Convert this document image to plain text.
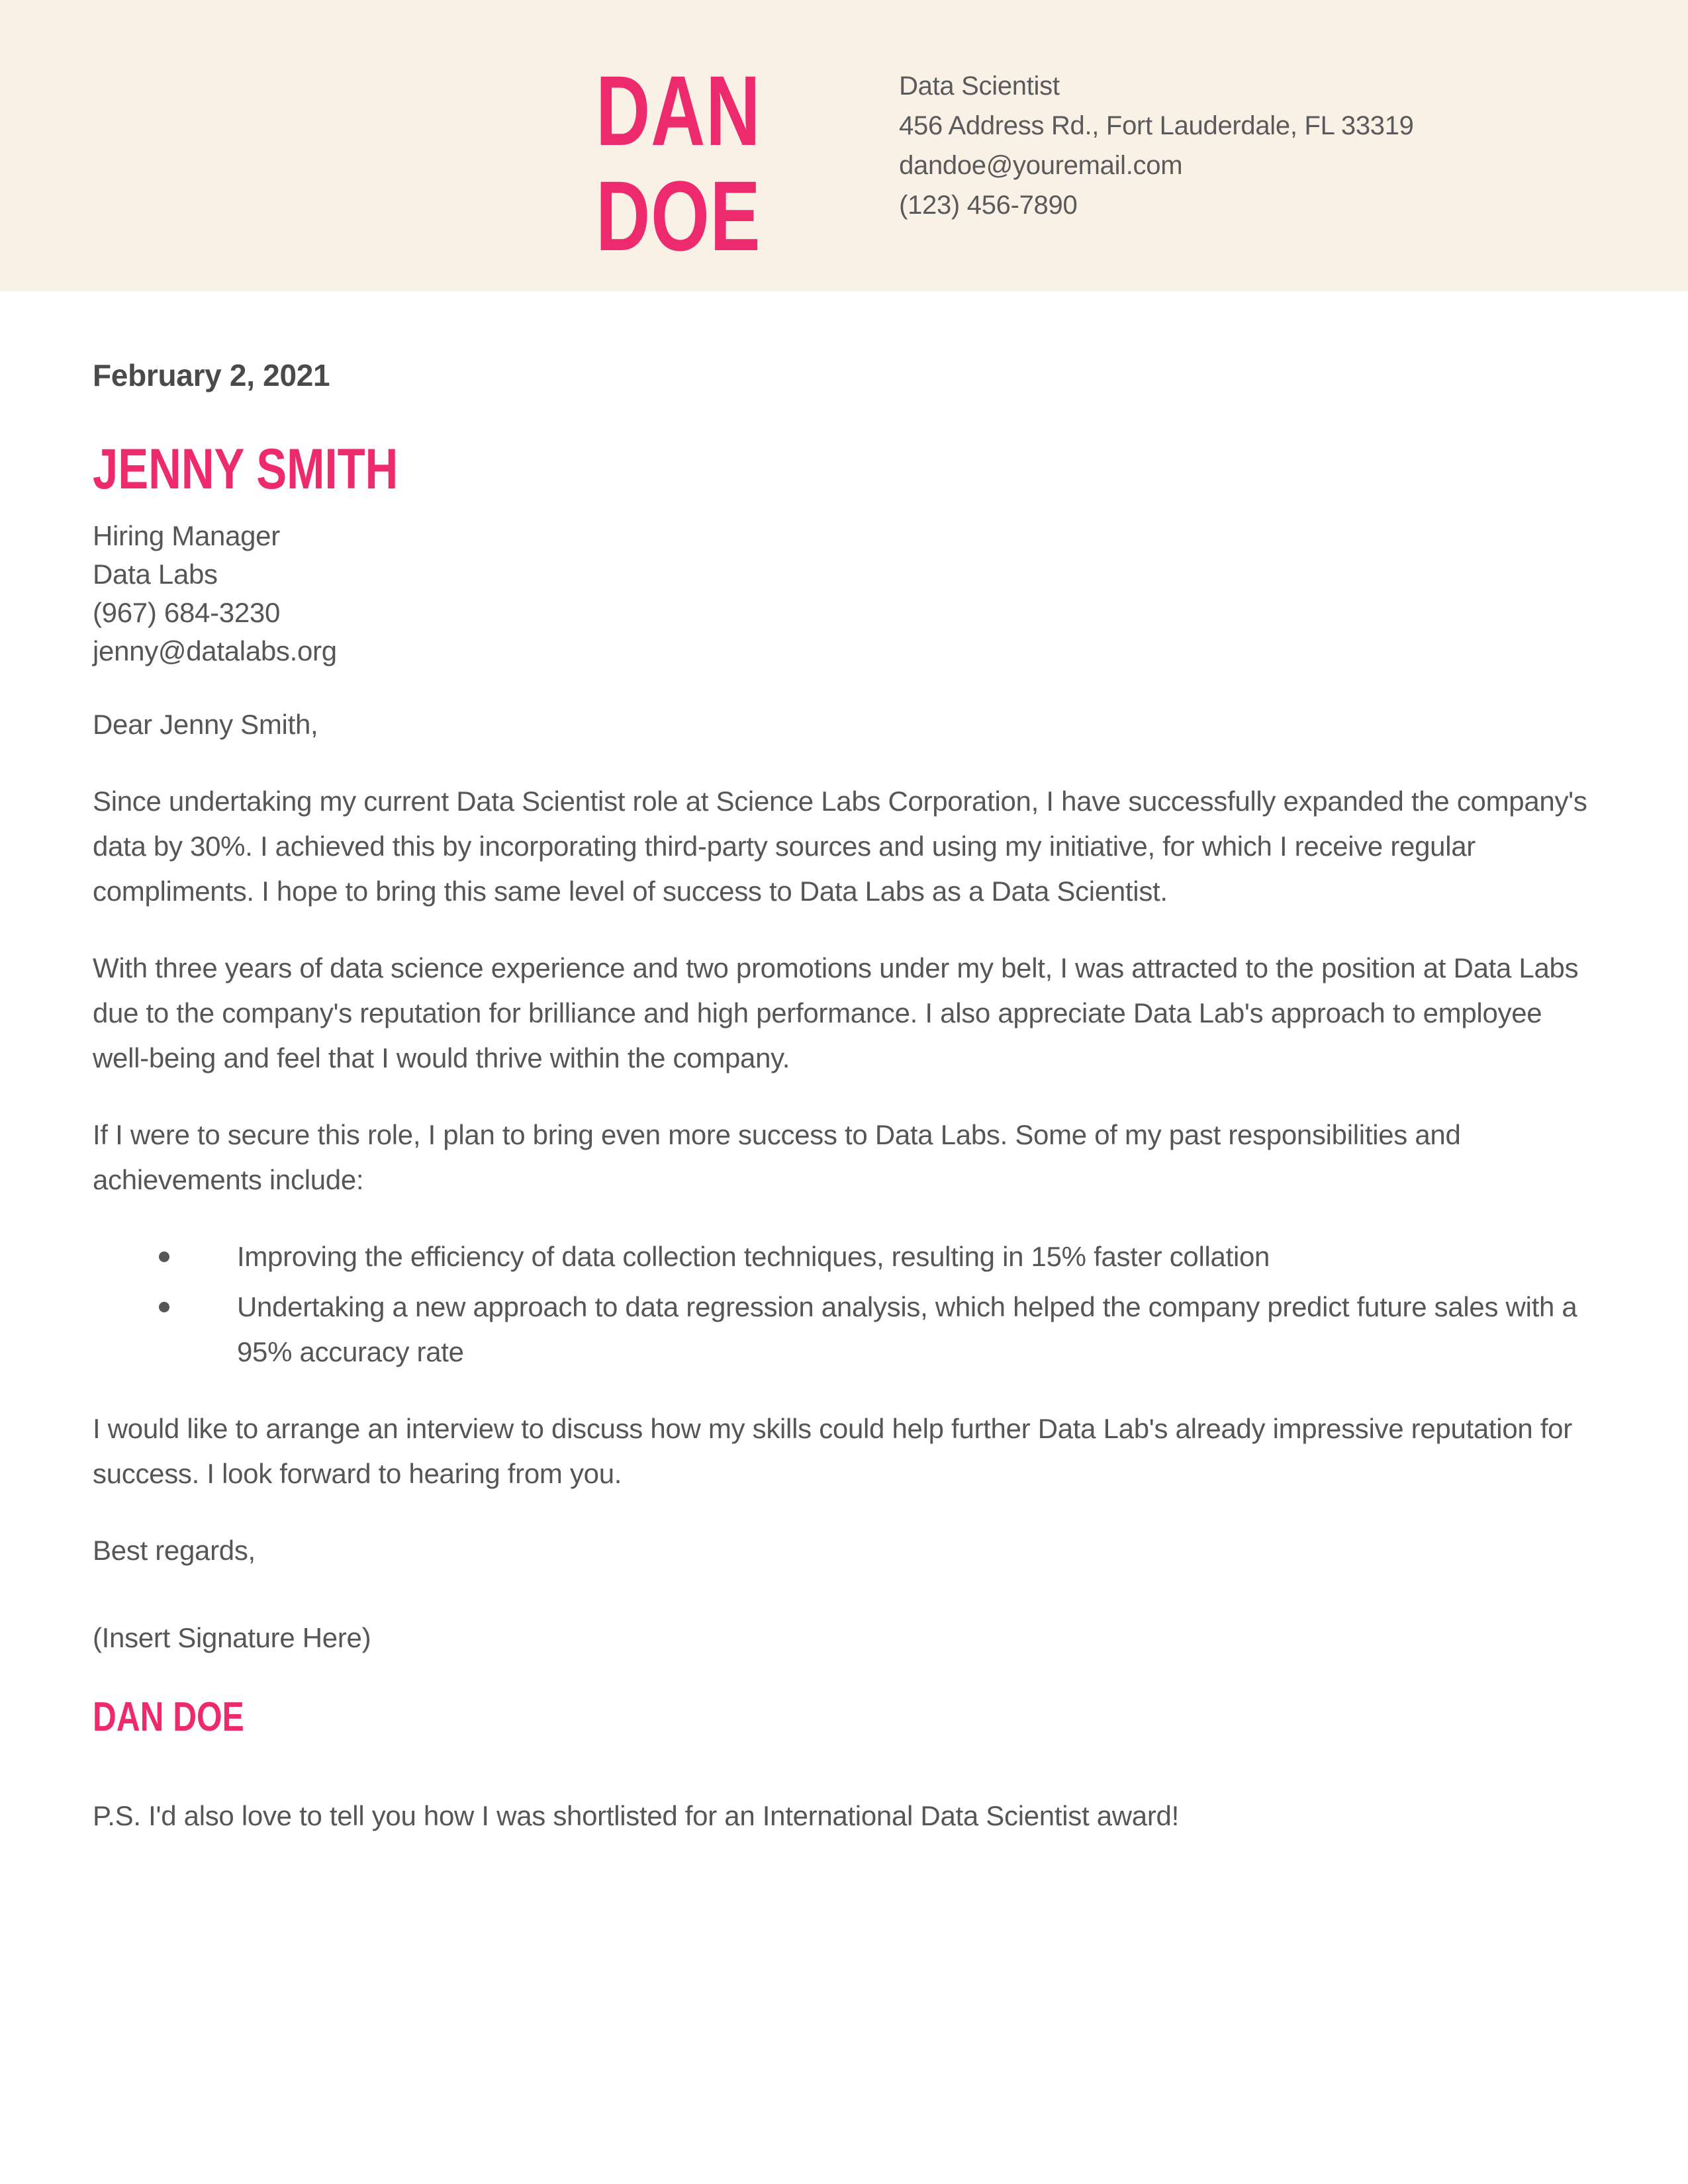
DAN
DOE
Data Scientist
456 Address Rd., Fort Lauderdale, FL 33319
dandoe@youremail.com
(123) 456-7890

February 2, 2021

JENNY SMITH
Hiring Manager
Data Labs
(967) 684-3230
jenny@datalabs.org

Dear Jenny Smith,

Since undertaking my current Data Scientist role at Science Labs Corporation, I have successfully expanded the company's data by 30%. I achieved this by incorporating third-party sources and using my initiative, for which I receive regular compliments. I hope to bring this same level of success to Data Labs as a Data Scientist.

With three years of data science experience and two promotions under my belt, I was attracted to the position at Data Labs due to the company's reputation for brilliance and high performance. I also appreciate Data Lab's approach to employee well-being and feel that I would thrive within the company.

If I were to secure this role, I plan to bring even more success to Data Labs. Some of my past responsibilities and achievements include:

Improving the efficiency of data collection techniques, resulting in 15% faster collation
Undertaking a new approach to data regression analysis, which helped the company predict future sales with a 95% accuracy rate

I would like to arrange an interview to discuss how my skills could help further Data Lab's already impressive reputation for success. I look forward to hearing from you.

Best regards,

(Insert Signature Here)

DAN DOE

P.S. I'd also love to tell you how I was shortlisted for an International Data Scientist award!
